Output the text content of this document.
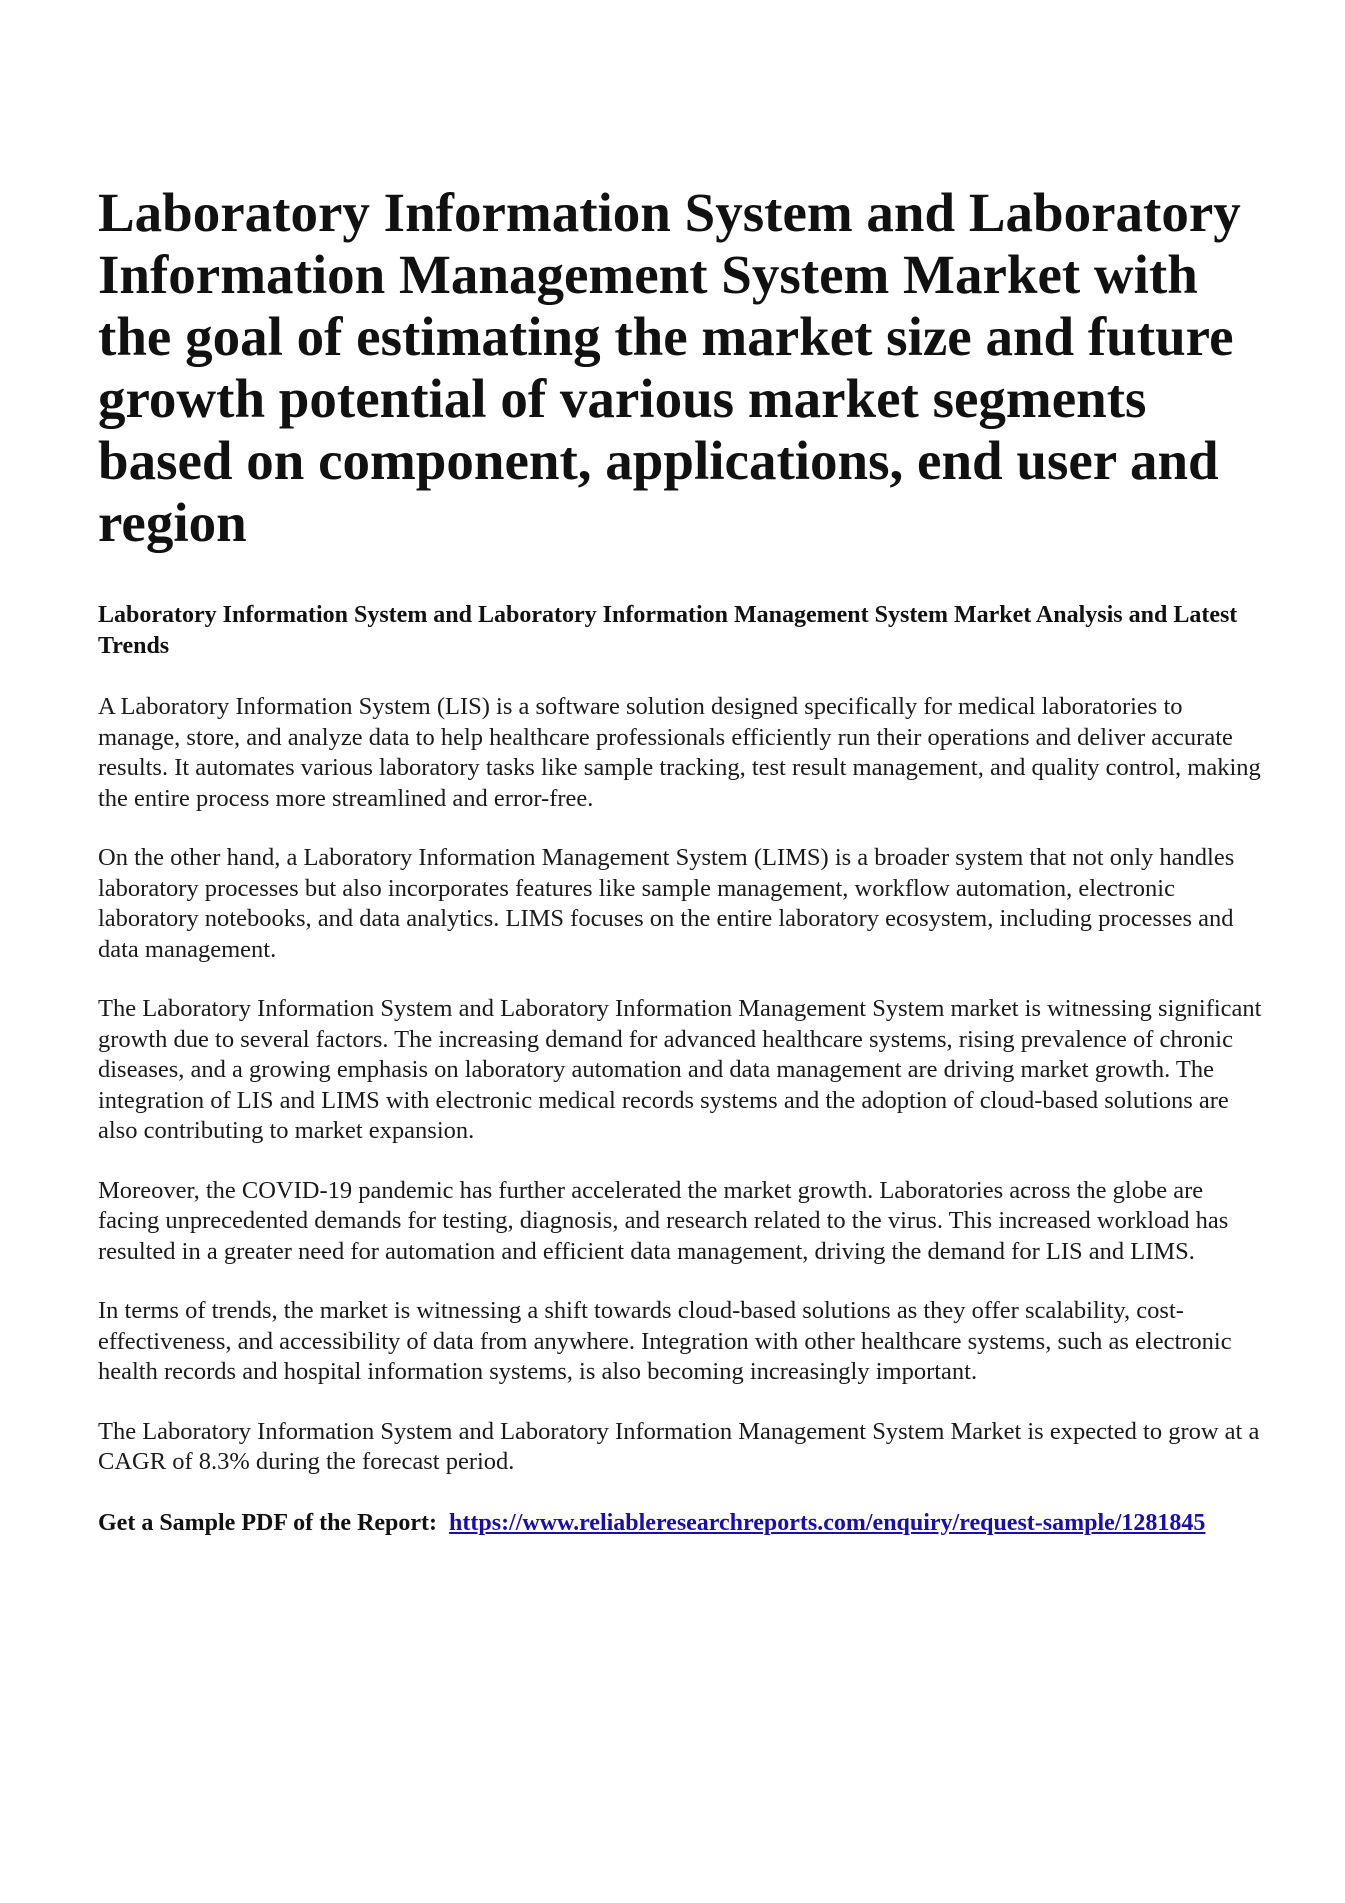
Laboratory Information System and Laboratory Information Management System Market with the goal of estimating the market size and future growth potential of various market segments based on component, applications, end user and region
Laboratory Information System and Laboratory Information Management System Market Analysis and Latest Trends

A Laboratory Information System (LIS) is a software solution designed specifically for medical laboratories to manage, store, and analyze data to help healthcare professionals efficiently run their operations and deliver accurate results. It automates various laboratory tasks like sample tracking, test result management, and quality control, making the entire process more streamlined and error-free.

On the other hand, a Laboratory Information Management System (LIMS) is a broader system that not only handles laboratory processes but also incorporates features like sample management, workflow automation, electronic laboratory notebooks, and data analytics. LIMS focuses on the entire laboratory ecosystem, including processes and data management.

The Laboratory Information System and Laboratory Information Management System market is witnessing significant growth due to several factors. The increasing demand for advanced healthcare systems, rising prevalence of chronic diseases, and a growing emphasis on laboratory automation and data management are driving market growth. The integration of LIS and LIMS with electronic medical records systems and the adoption of cloud-based solutions are also contributing to market expansion.

Moreover, the COVID-19 pandemic has further accelerated the market growth. Laboratories across the globe are facing unprecedented demands for testing, diagnosis, and research related to the virus. This increased workload has resulted in a greater need for automation and efficient data management, driving the demand for LIS and LIMS.

In terms of trends, the market is witnessing a shift towards cloud-based solutions as they offer scalability, cost-effectiveness, and accessibility of data from anywhere. Integration with other healthcare systems, such as electronic health records and hospital information systems, is also becoming increasingly important.

The Laboratory Information System and Laboratory Information Management System Market is expected to grow at a CAGR of 8.3% during the forecast period.

Get a Sample PDF of the Report: https://www.reliableresearchreports.com/enquiry/request-sample/1281845
